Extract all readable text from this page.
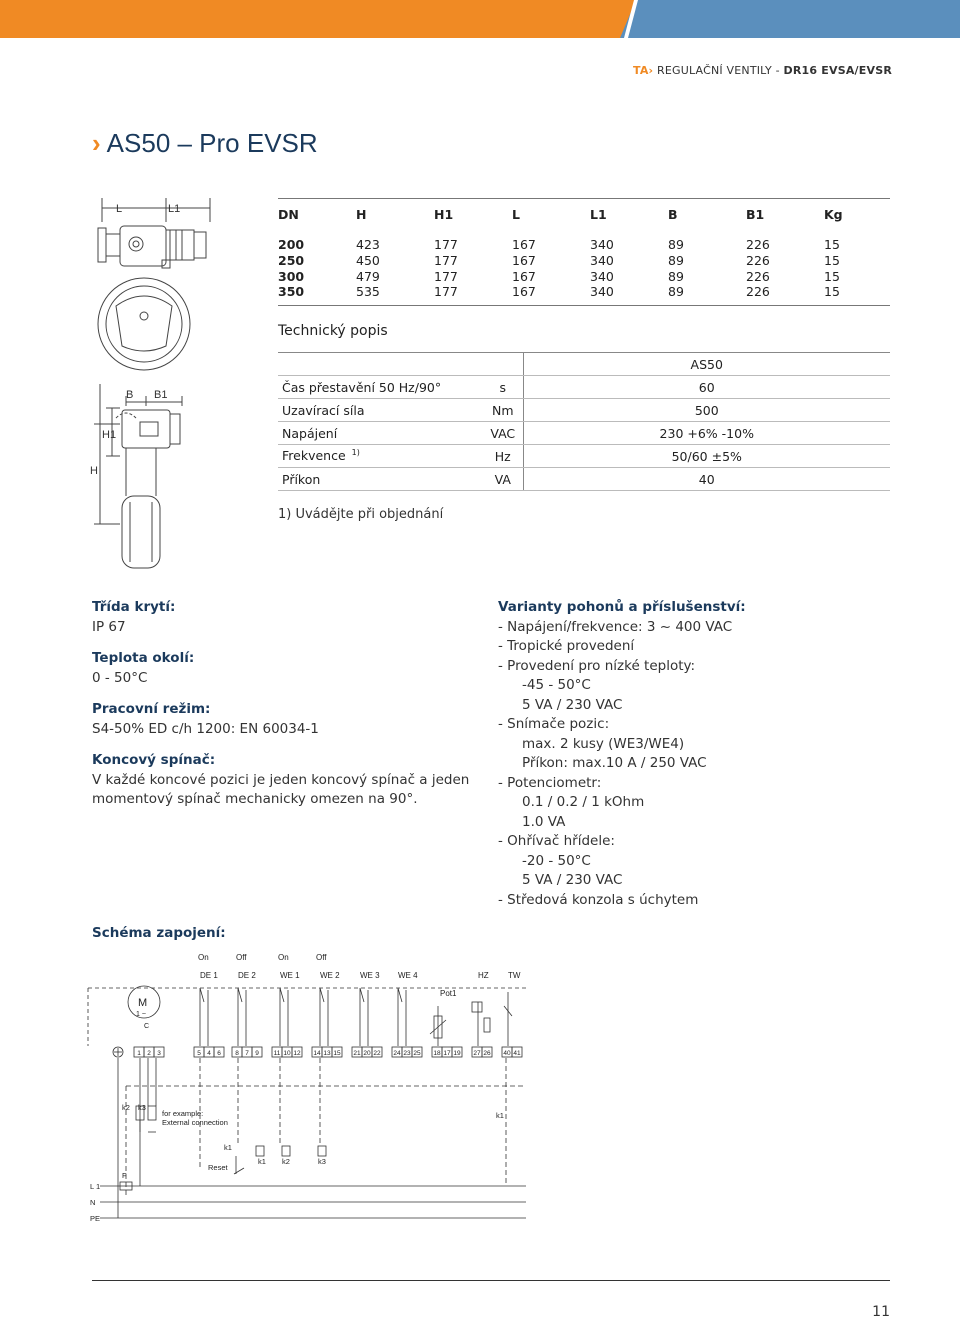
TA› REGULAČNÍ VENTILY - DR16 EVSA/EVSR
› AS50 – Pro EVSR
L	L1
B B1
H1
H
DN	H	H1	L	L1	B	B1	Kg
200	423	177	167	340	89	226	15
250	450	177	167	340	89	226	15
300	479	177	167	340	89	226	15
350	535	177	167	340	89	226	15
Technický popis
		AS50
Čas přestavění 50 Hz/90°	s	60
Uzavírací síla	Nm	500
Napájení	VAC	230 +6% -10%
Frekvence $^{1)}$	Hz	50/60 ±5%
Příkon	VA	40
1) Uvádějte při objednání
Třída krytí:
IP 67
Teplota okolí:
0 - 50°C
Pracovní režim:
S4-50% ED c/h 1200: EN 60034-1
Koncový spínač:
V každé koncové pozici je jeden koncový spínač a jeden
momentový spínač mechanicky omezen na 90°.
Varianty pohonů a příslušenství:
- Napájení/frekvence: 3 ~ 400 VAC
- Tropické provedení
- Provedení pro nízké teploty:
-45 - 50°C
5 VA / 230 VAC
- Snímače pozic:
max. 2 kusy (WE3/WE4)
Příkon: max.10 A / 250 VAC
- Potenciometr:
0.1 / 0.2 / 1 kOhm
1.0 VA
- Ohřívač hřídele:
-20 - 50°C
5 VA / 230 VAC
- Středová konzola s úchytem
Schéma zapojení:
On	Off	On	Off
DE 1	DE 2	WE 1	WE 2	WE 3 WE 4	HZ TW
Pot1
M
1 ~
C
1 2 3	5 4 6 8 7 9 11 10 12 14 13 15 21 20 22 24 23 25 18 17 19 27 26 40 41
k2 k3
for example:
External connection
k1
k1 k2	k3
k1
Reset
F
L 1
N
PE
11
